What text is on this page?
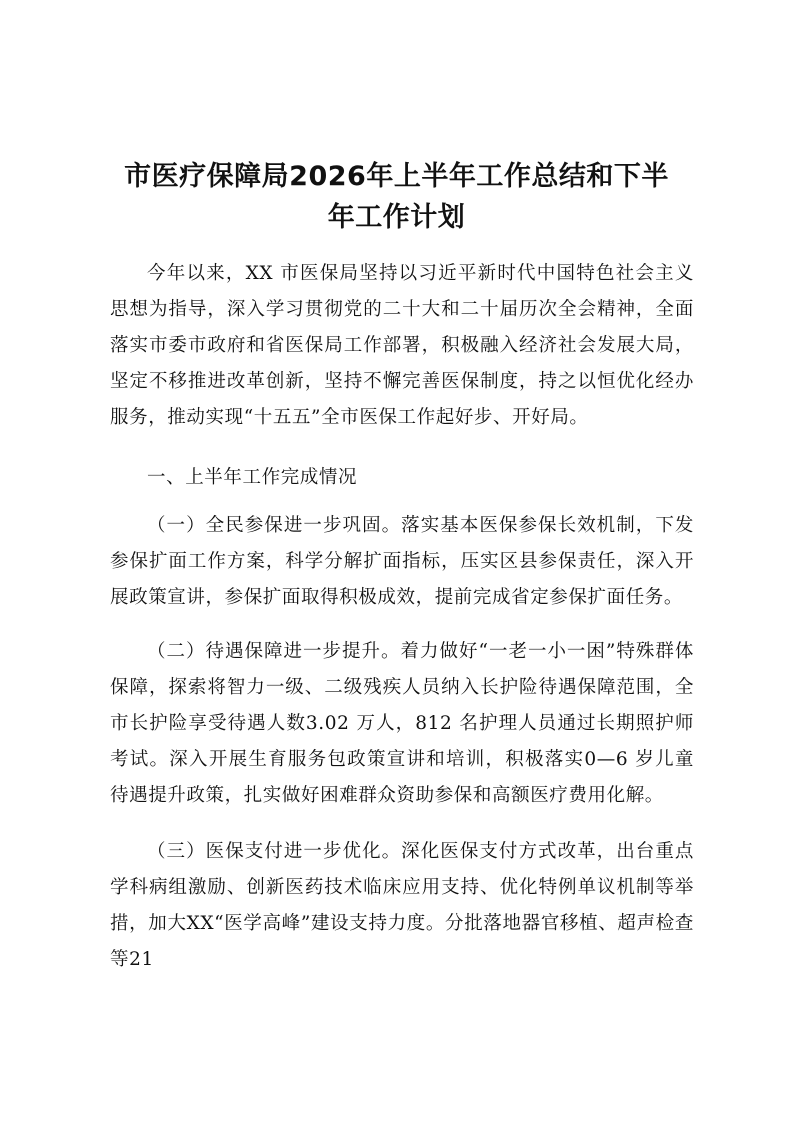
市医疗保障局2026年上半年工作总结和下半
年工作计划

今年以来，XX 市医保局坚持以习近平新时代中国特色社会主义思想为指导，深入学习贯彻党的二十大和二十届历次全会精神，全面落实市委市政府和省医保局工作部署，积极融入经济社会发展大局，坚定不移推进改革创新，坚持不懈完善医保制度，持之以恒优化经办服务，推动实现“十五五”全市医保工作起好步、开好局。

一、上半年工作完成情况

（一）全民参保进一步巩固。落实基本医保参保长效机制，下发参保扩面工作方案，科学分解扩面指标，压实区县参保责任，深入开展政策宣讲，参保扩面取得积极成效，提前完成省定参保扩面任务。

（二）待遇保障进一步提升。着力做好“一老一小一困”特殊群体保障，探索将智力一级、二级残疾人员纳入长护险待遇保障范围，全市长护险享受待遇人数3.02 万人，812 名护理人员通过长期照护师考试。深入开展生育服务包政策宣讲和培训，积极落实0—6 岁儿童待遇提升政策，扎实做好困难群众资助参保和高额医疗费用化解。

（三）医保支付进一步优化。深化医保支付方式改革，出台重点学科病组激励、创新医药技术临床应用支持、优化特例单议机制等举措，加大XX“医学高峰”建设支持力度。分批落地器官移植、超声检查等21
